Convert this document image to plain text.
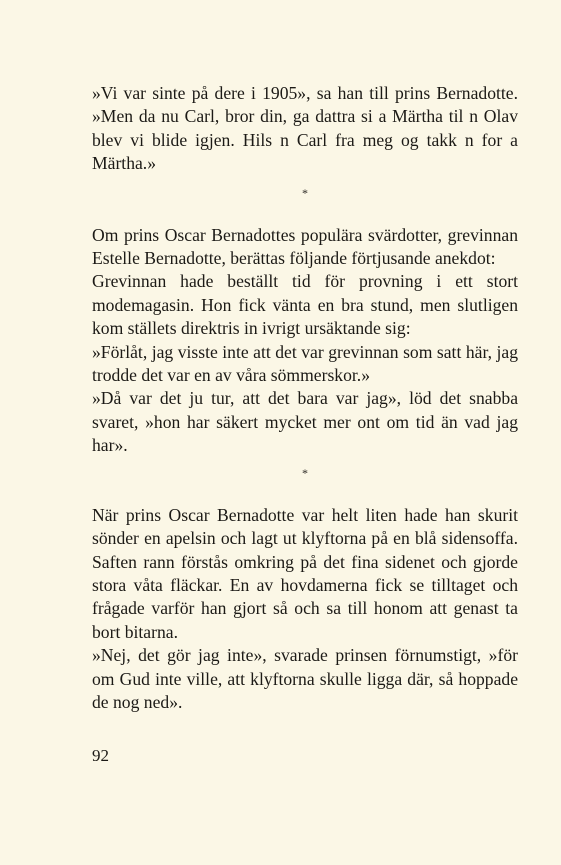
»Vi var sinte på dere i 1905», sa han till prins Bernadotte. »Men da nu Carl, bror din, ga dattra si a Märtha til n Olav blev vi blide igjen. Hils n Carl fra meg og takk n for a Märtha.»

*

Om prins Oscar Bernadottes populära svärdotter, grevinnan Estelle Bernadotte, berättas följande förtjusande anekdot:

Grevinnan hade beställt tid för provning i ett stort modemagasin. Hon fick vänta en bra stund, men slutligen kom ställets direktris in ivrigt ursäktande sig:

»Förlåt, jag visste inte att det var grevinnan som satt här, jag trodde det var en av våra sömmerskor.»

»Då var det ju tur, att det bara var jag», löd det snabba svaret, »hon har säkert mycket mer ont om tid än vad jag har».

*

När prins Oscar Bernadotte var helt liten hade han skurit sönder en apelsin och lagt ut klyftorna på en blå sidensoffa. Saften rann förstås omkring på det fina sidenet och gjorde stora våta fläckar. En av hovdamerna fick se tilltaget och frågade varför han gjort så och sa till honom att genast ta bort bitarna.

»Nej, det gör jag inte», svarade prinsen förnumstigt, »för om Gud inte ville, att klyftorna skulle ligga där, så hoppade de nog ned».

92
